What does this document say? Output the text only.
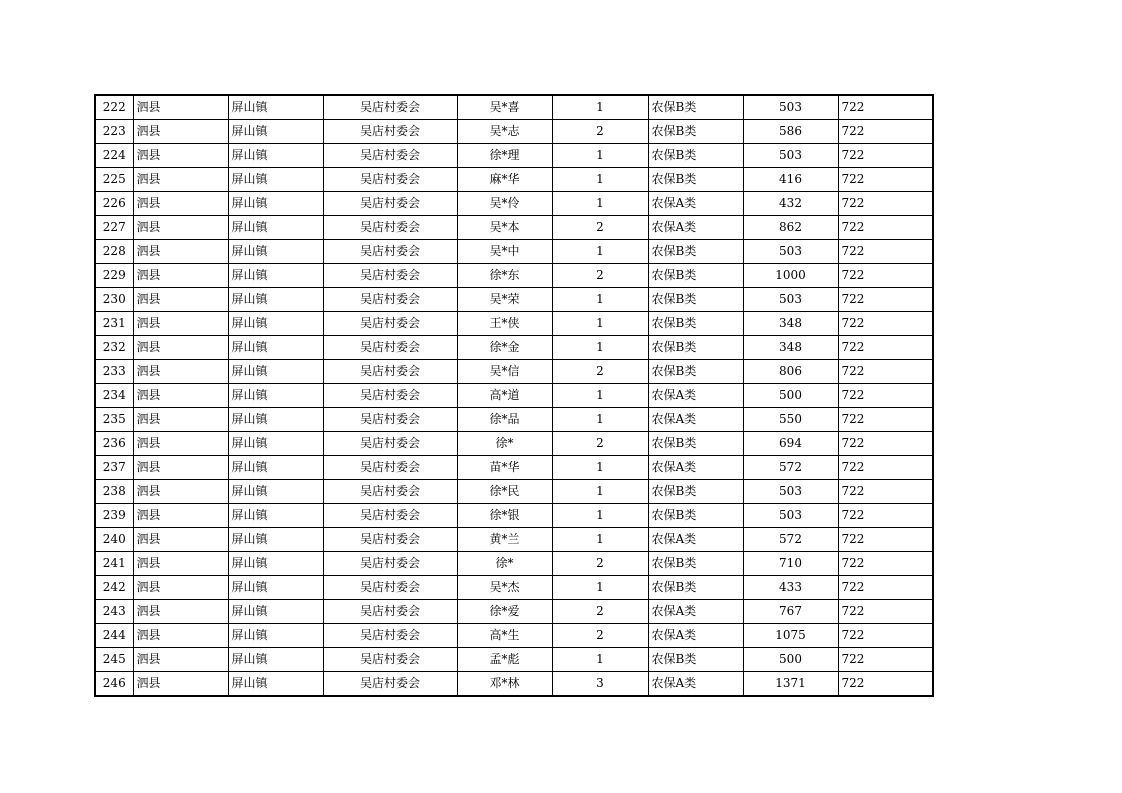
222	泗县	屏山镇	吴店村委会	吴*喜	1	农保B类	503	722
223	泗县	屏山镇	吴店村委会	吴*志	2	农保B类	586	722
224	泗县	屏山镇	吴店村委会	徐*理	1	农保B类	503	722
225	泗县	屏山镇	吴店村委会	麻*华	1	农保B类	416	722
226	泗县	屏山镇	吴店村委会	吴*伶	1	农保A类	432	722
227	泗县	屏山镇	吴店村委会	吴*本	2	农保A类	862	722
228	泗县	屏山镇	吴店村委会	吴*中	1	农保B类	503	722
229	泗县	屏山镇	吴店村委会	徐*东	2	农保B类	1000	722
230	泗县	屏山镇	吴店村委会	吴*荣	1	农保B类	503	722
231	泗县	屏山镇	吴店村委会	王*侠	1	农保B类	348	722
232	泗县	屏山镇	吴店村委会	徐*金	1	农保B类	348	722
233	泗县	屏山镇	吴店村委会	吴*信	2	农保B类	806	722
234	泗县	屏山镇	吴店村委会	高*道	1	农保A类	500	722
235	泗县	屏山镇	吴店村委会	徐*品	1	农保A类	550	722
236	泗县	屏山镇	吴店村委会	徐*	2	农保B类	694	722
237	泗县	屏山镇	吴店村委会	苗*华	1	农保A类	572	722
238	泗县	屏山镇	吴店村委会	徐*民	1	农保B类	503	722
239	泗县	屏山镇	吴店村委会	徐*银	1	农保B类	503	722
240	泗县	屏山镇	吴店村委会	黄*兰	1	农保A类	572	722
241	泗县	屏山镇	吴店村委会	徐*	2	农保B类	710	722
242	泗县	屏山镇	吴店村委会	吴*杰	1	农保B类	433	722
243	泗县	屏山镇	吴店村委会	徐*爱	2	农保A类	767	722
244	泗县	屏山镇	吴店村委会	高*生	2	农保A类	1075	722
245	泗县	屏山镇	吴店村委会	孟*彪	1	农保B类	500	722
246	泗县	屏山镇	吴店村委会	邓*林	3	农保A类	1371	722
